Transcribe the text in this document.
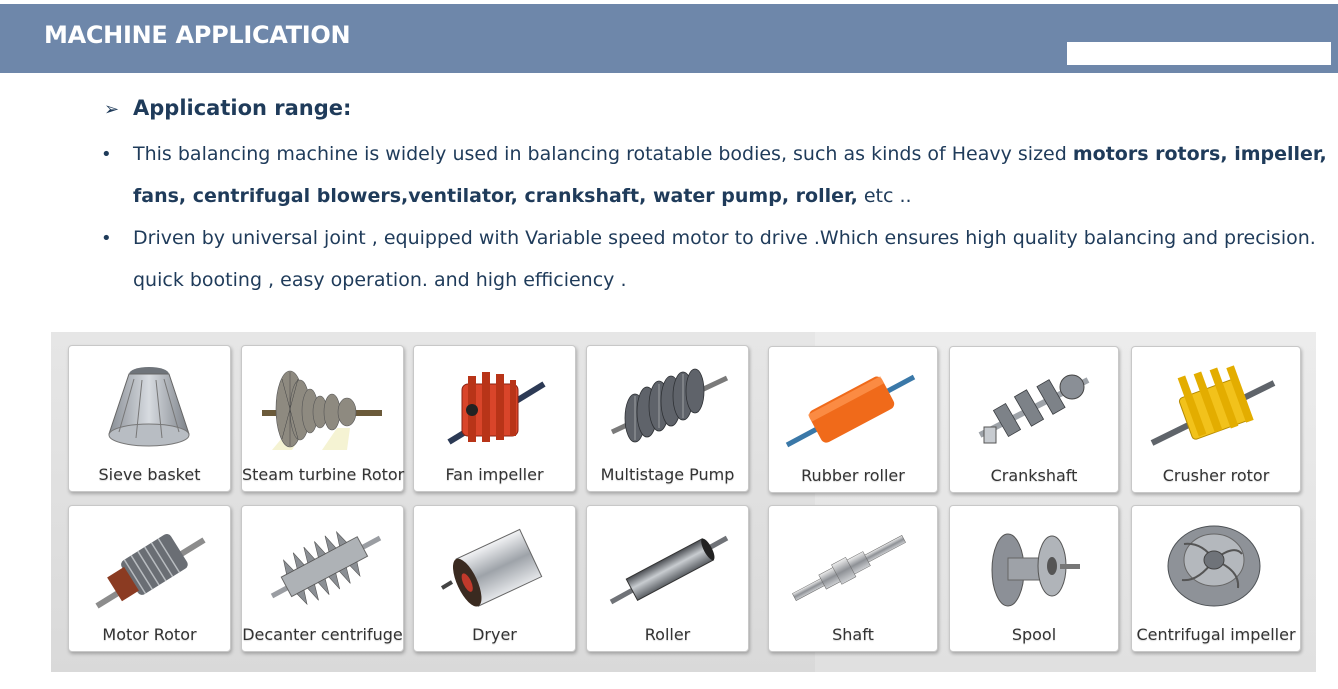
MACHINE APPLICATION
➢ Application range:
• This balancing machine is widely used in balancing rotatable bodies, such as kinds of Heavy sized motors rotors, impeller,
fans, centrifugal blowers,ventilator, crankshaft, water pump, roller, etc ..
• Driven by universal joint , equipped with Variable speed motor to drive .Which ensures high quality balancing and precision.
quick booting , easy operation. and high efficiency .
Sieve basket	Steam turbine Rotor	Fan impeller	Multistage Pump	Rubber roller	Crankshaft	Crusher rotor
Motor Rotor	Decanter centrifuge	Dryer	Roller	Shaft	Spool	Centrifugal impeller
